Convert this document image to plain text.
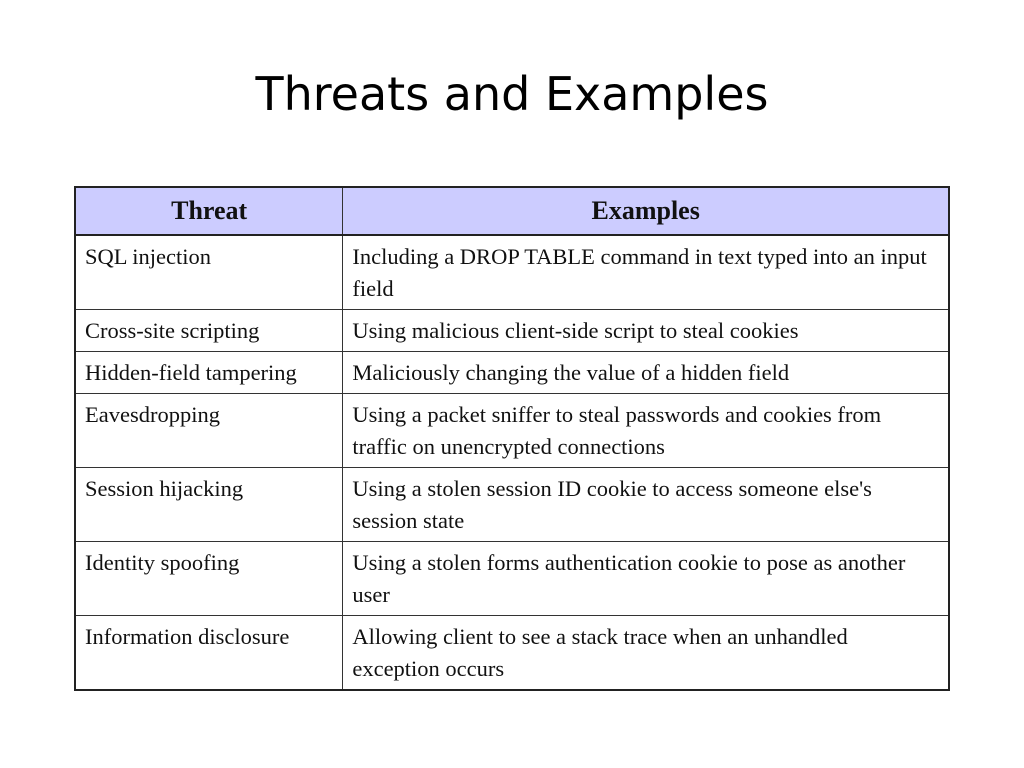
Threats and Examples
Threat	Examples
SQL injection	Including a DROP TABLE command in text typed into an input field
Cross-site scripting	Using malicious client-side script to steal cookies
Hidden-field tampering	Maliciously changing the value of a hidden field
Eavesdropping	Using a packet sniffer to steal passwords and cookies from traffic on unencrypted connections
Session hijacking	Using a stolen session ID cookie to access someone else's session state
Identity spoofing	Using a stolen forms authentication cookie to pose as another user
Information disclosure	Allowing client to see a stack trace when an unhandled exception occurs
